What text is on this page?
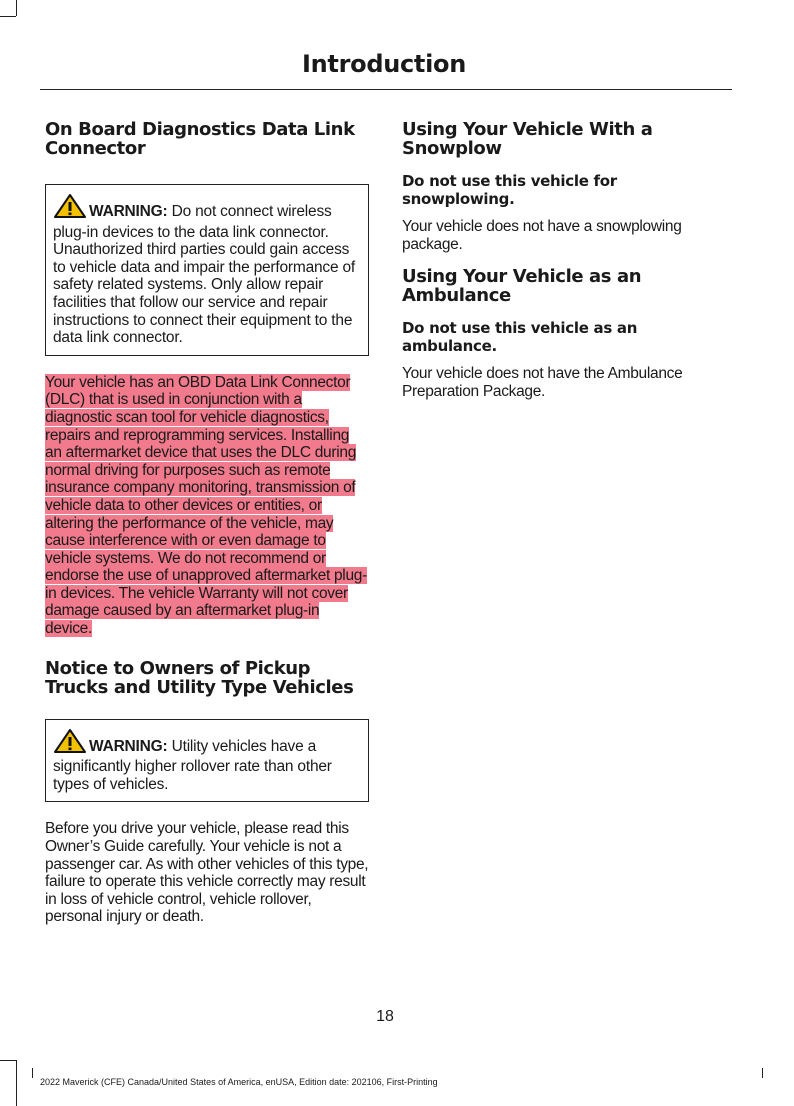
Introduction
On Board Diagnostics Data Link Connector
WARNING: Do not connect wireless plug-in devices to the data link connector. Unauthorized third parties could gain access to vehicle data and impair the performance of safety related systems. Only allow repair facilities that follow our service and repair instructions to connect their equipment to the data link connector.

Your vehicle has an OBD Data Link Connector (DLC) that is used in conjunction with a diagnostic scan tool for vehicle diagnostics, repairs and reprogramming services. Installing an aftermarket device that uses the DLC during normal driving for purposes such as remote insurance company monitoring, transmission of vehicle data to other devices or entities, or altering the performance of the vehicle, may cause interference with or even damage to vehicle systems. We do not recommend or endorse the use of unapproved aftermarket plug-in devices. The vehicle Warranty will not cover damage caused by an aftermarket plug-in device.

Notice to Owners of Pickup Trucks and Utility Type Vehicles
WARNING: Utility vehicles have a significantly higher rollover rate than other types of vehicles.

Before you drive your vehicle, please read this Owner’s Guide carefully. Your vehicle is not a passenger car. As with other vehicles of this type, failure to operate this vehicle correctly may result in loss of vehicle control, vehicle rollover, personal injury or death.

Using Your Vehicle With a Snowplow
Do not use this vehicle for snowplowing.

Your vehicle does not have a snowplowing package.

Using Your Vehicle as an Ambulance
Do not use this vehicle as an ambulance.

Your vehicle does not have the Ambulance Preparation Package.

18
2022 Maverick (CFE) Canada/United States of America, enUSA, Edition date: 202106, First-Printing
